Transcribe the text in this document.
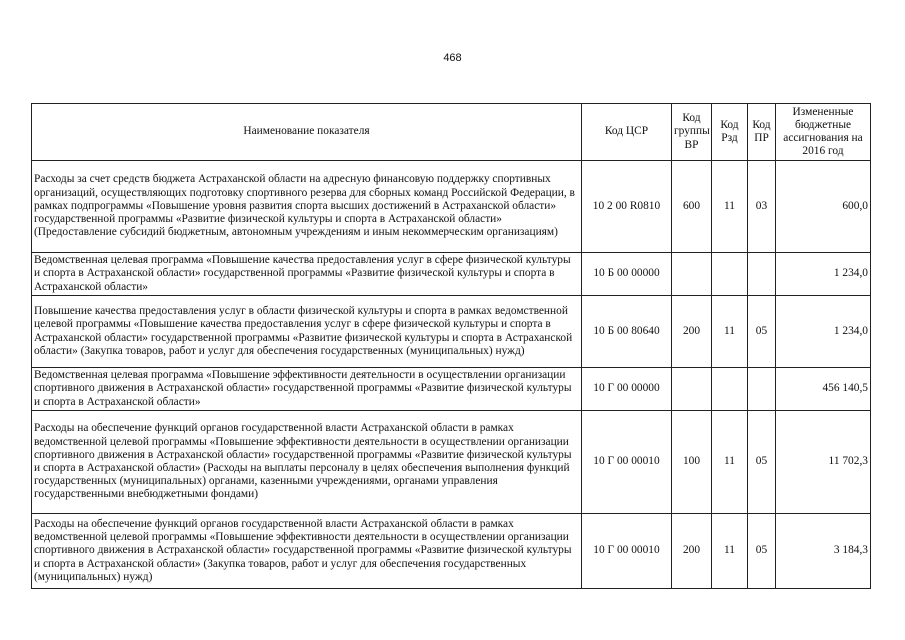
468
Наименование показателя	Код ЦСР	Код группы ВР	Код Рзд	Код ПР	Измененные бюджетные ассигнования на 2016 год
Расходы за счет средств бюджета Астраханской области на адресную финансовую поддержку спортивных организаций, осуществляющих подготовку спортивного резерва для сборных команд Российской Федерации, в рамках подпрограммы «Повышение уровня развития спорта высших достижений в Астраханской области» государственной программы «Развитие физической культуры и спорта в Астраханской области» (Предоставление субсидий бюджетным, автономным учреждениям и иным некоммерческим организациям)	10 2 00 R0810	600	11	03	600,0
Ведомственная целевая программа «Повышение качества предоставления услуг в сфере физической культуры и спорта в Астраханской области» государственной программы «Развитие физической культуры и спорта в Астраханской области»	10 Б 00 00000				1 234,0
Повышение качества предоставления услуг в области физической культуры и спорта в рамках ведомственной целевой программы «Повышение качества предоставления услуг в сфере физической культуры и спорта в Астраханской области» государственной программы «Развитие физической культуры и спорта в Астраханской области» (Закупка товаров, работ и услуг для обеспечения государственных (муниципальных) нужд)	10 Б 00 80640	200	11	05	1 234,0
Ведомственная целевая программа «Повышение эффективности деятельности в осуществлении организации спортивного движения в Астраханской области» государственной программы «Развитие физической культуры и спорта в Астраханской области»	10 Г 00 00000				456 140,5
Расходы на обеспечение функций органов государственной власти Астраханской области в рамках ведомственной целевой программы «Повышение эффективности деятельности в осуществлении организации спортивного движения в Астраханской области» государственной программы «Развитие физической культуры и спорта в Астраханской области» (Расходы на выплаты персоналу в целях обеспечения выполнения функций государственных (муниципальных) органами, казенными учреждениями, органами управления государственными внебюджетными фондами)	10 Г 00 00010	100	11	05	11 702,3
Расходы на обеспечение функций органов государственной власти Астраханской области в рамках ведомственной целевой программы «Повышение эффективности деятельности в осуществлении организации спортивного движения в Астраханской области» государственной программы «Развитие физической культуры и спорта в Астраханской области» (Закупка товаров, работ и услуг для обеспечения государственных (муниципальных) нужд)	10 Г 00 00010	200	11	05	3 184,3
